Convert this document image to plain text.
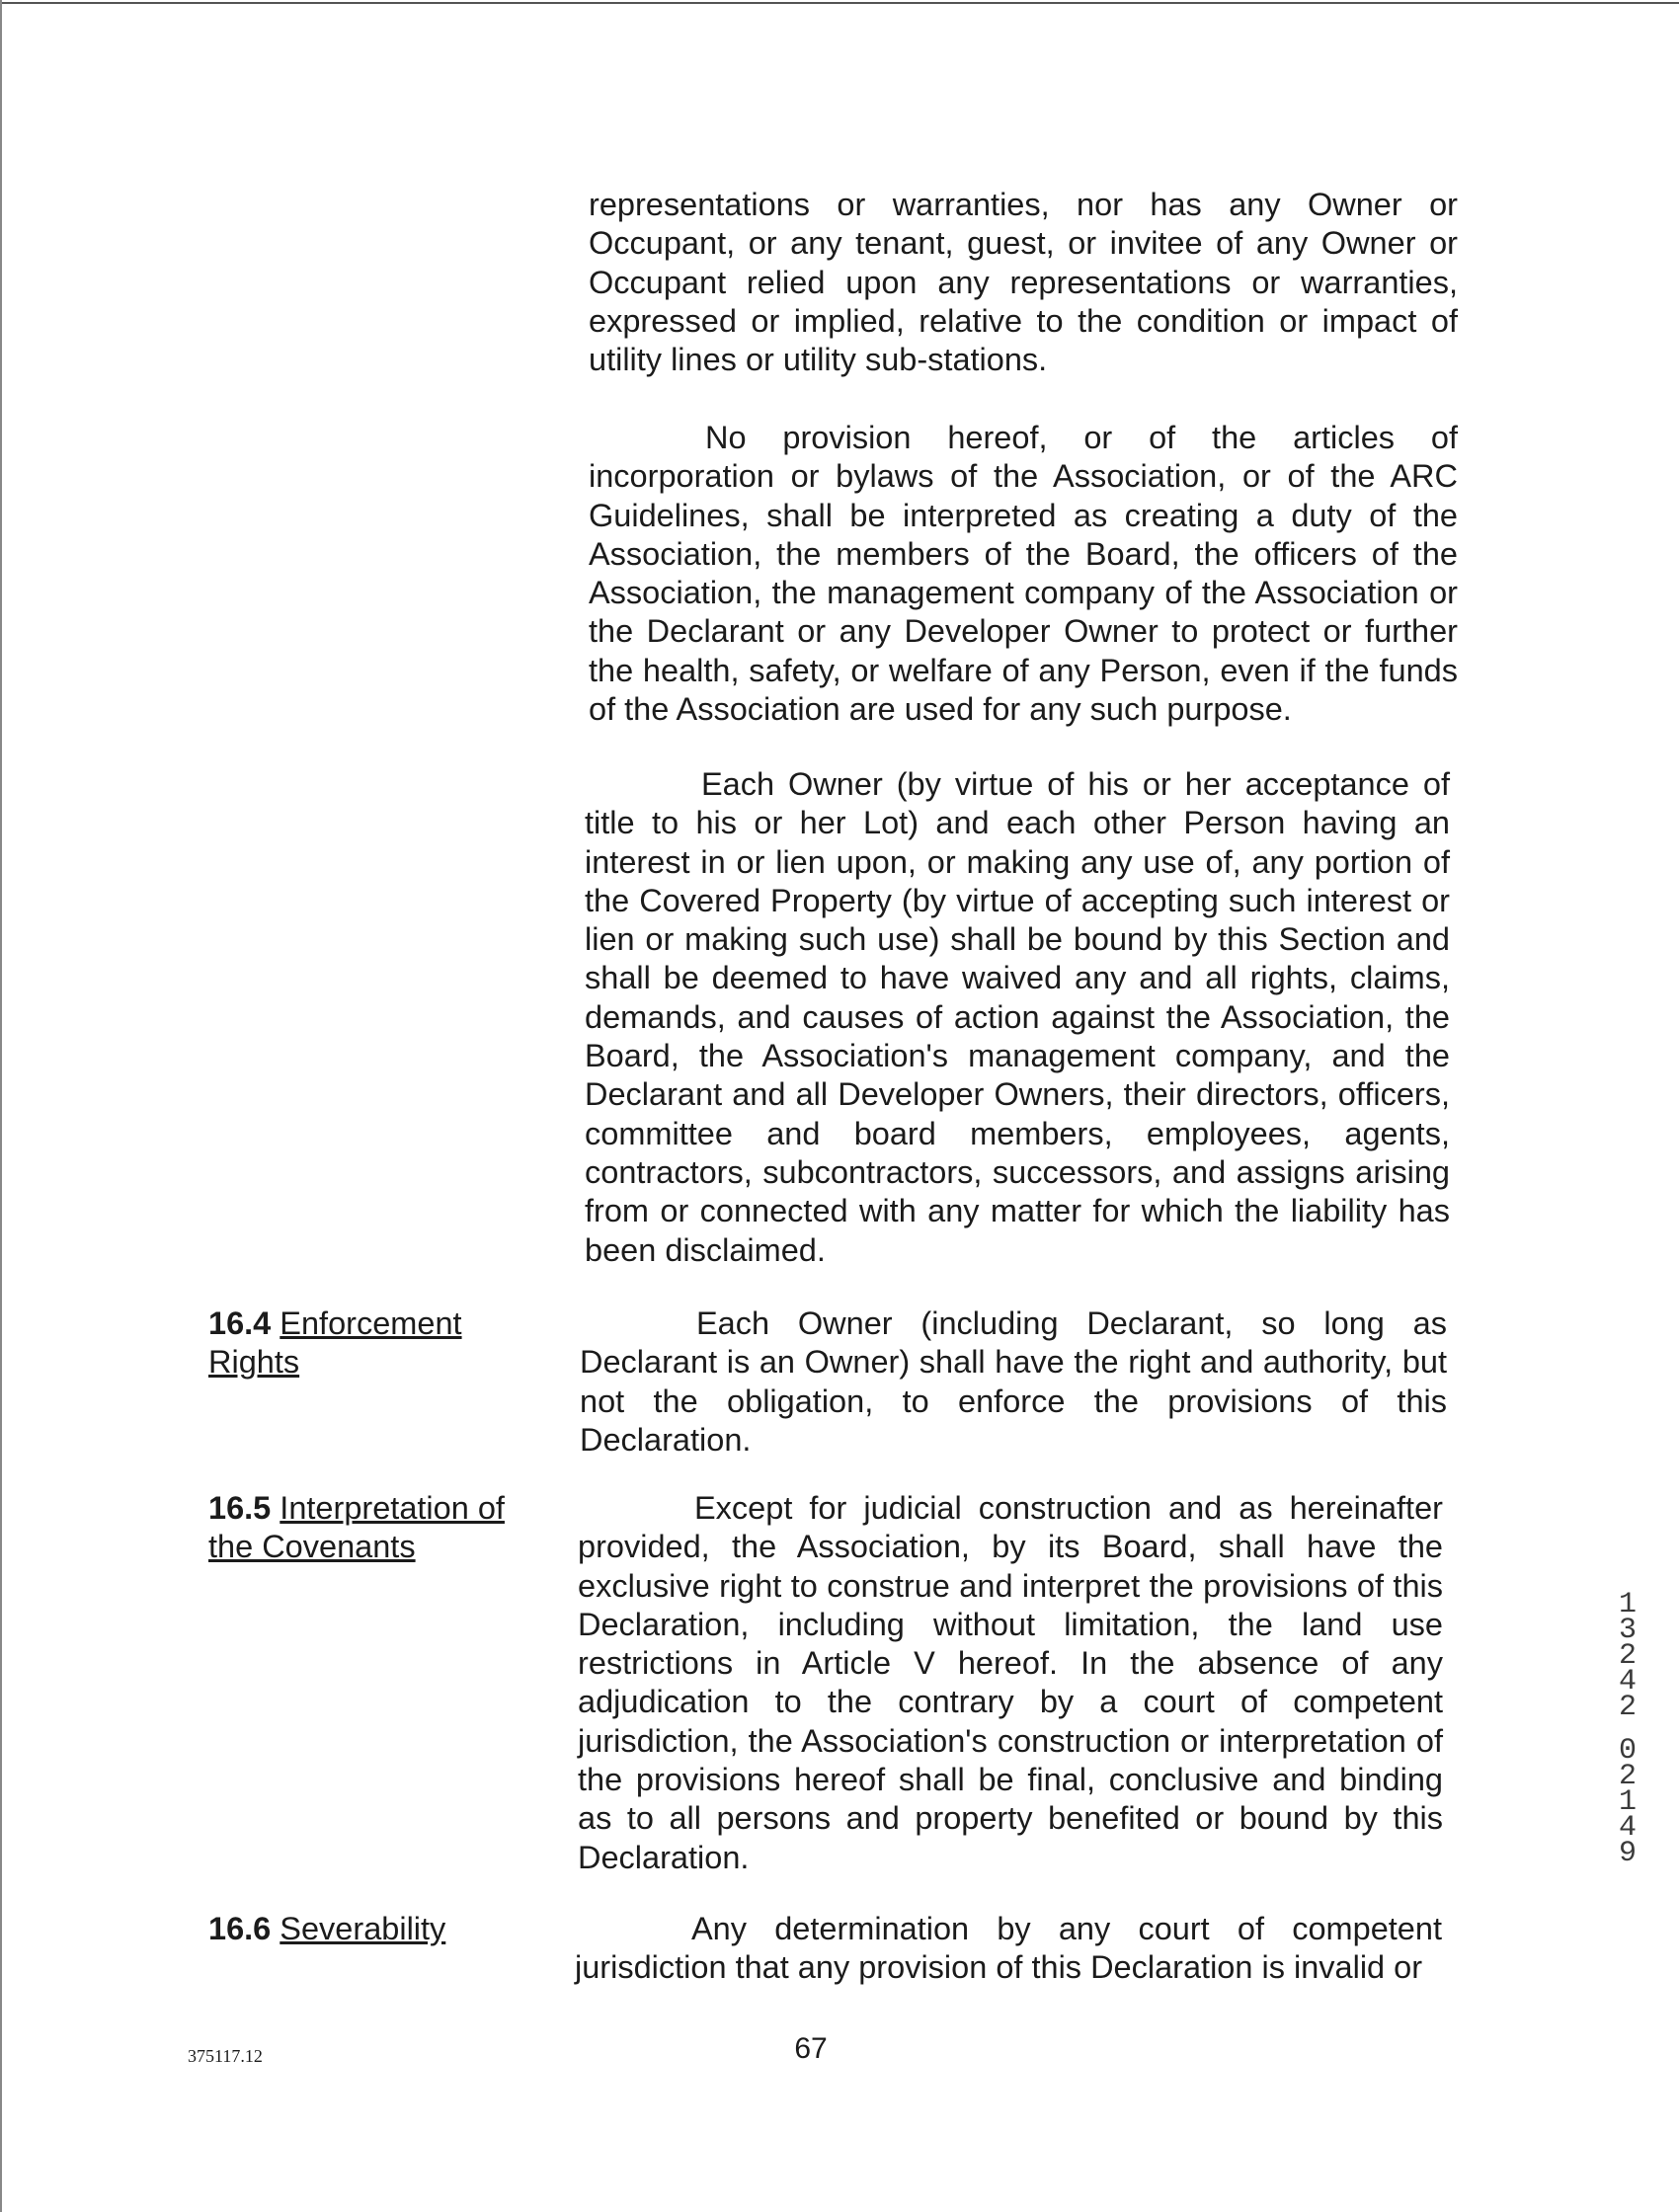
representations or warranties, nor has any Owner or Occupant, or any tenant, guest, or invitee of any Owner or Occupant relied upon any representations or warranties, expressed or implied, relative to the condition or impact of utility lines or utility sub-stations.

No provision hereof, or of the articles of incorporation or bylaws of the Association, or of the ARC Guidelines, shall be interpreted as creating a duty of the Association, the members of the Board, the officers of the Association, the management company of the Association or the Declarant or any Developer Owner to protect or further the health, safety, or welfare of any Person, even if the funds of the Association are used for any such purpose.

Each Owner (by virtue of his or her acceptance of title to his or her Lot) and each other Person having an interest in or lien upon, or making any use of, any portion of the Covered Property (by virtue of accepting such interest or lien or making such use) shall be bound by this Section and shall be deemed to have waived any and all rights, claims, demands, and causes of action against the Association, the Board, the Association's management company, and the Declarant and all Developer Owners, their directors, officers, committee and board members, employees, agents, contractors, subcontractors, successors, and assigns arising from or connected with any matter for which the liability has been disclaimed.

16.4 Enforcement Rights

Each Owner (including Declarant, so long as Declarant is an Owner) shall have the right and authority, but not the obligation, to enforce the provisions of this Declaration.

16.5 Interpretation of the Covenants

Except for judicial construction and as hereinafter provided, the Association, by its Board, shall have the exclusive right to construe and interpret the provisions of this Declaration, including without limitation, the land use restrictions in Article V hereof. In the absence of any adjudication to the contrary by a court of competent jurisdiction, the Association's construction or interpretation of the provisions hereof shall be final, conclusive and binding as to all persons and property benefited or bound by this Declaration.

16.6 Severability	Any determination by any court of competent jurisdiction that any provision of this Declaration is invalid or

375117.12	67
1
3
2
4
2
0
2
1
4
9
